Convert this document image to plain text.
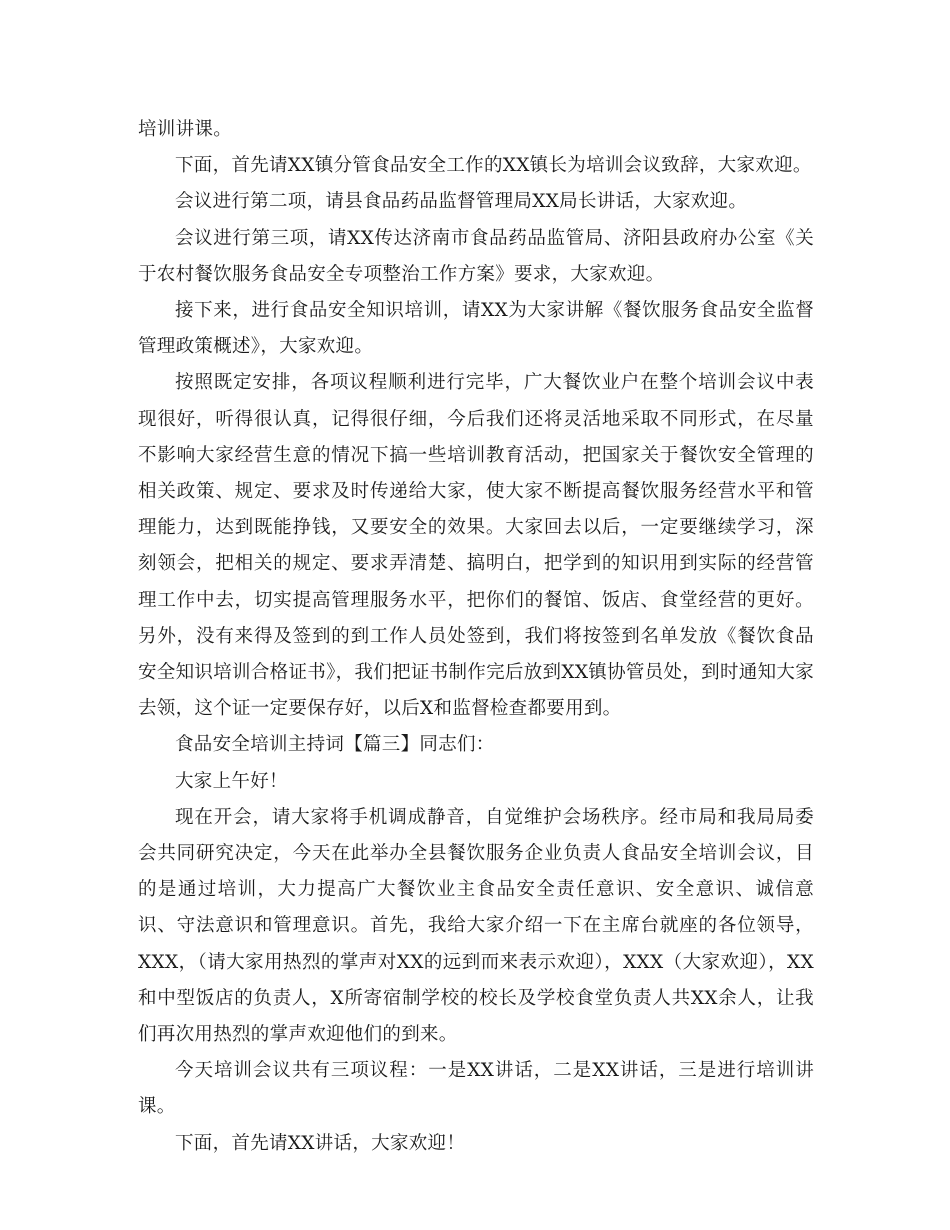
培训讲课。

下面，首先请XX镇分管食品安全工作的XX镇长为培训会议致辞，大家欢迎。

会议进行第二项，请县食品药品监督管理局XX局长讲话，大家欢迎。

会议进行第三项，请XX传达济南市食品药品监管局、济阳县政府办公室《关于农村餐饮服务食品安全专项整治工作方案》要求，大家欢迎。

接下来，进行食品安全知识培训，请XX为大家讲解《餐饮服务食品安全监督管理政策概述》，大家欢迎。

按照既定安排，各项议程顺利进行完毕，广大餐饮业户在整个培训会议中表现很好，听得很认真，记得很仔细，今后我们还将灵活地采取不同形式，在尽量不影响大家经营生意的情况下搞一些培训教育活动，把国家关于餐饮安全管理的相关政策、规定、要求及时传递给大家，使大家不断提高餐饮服务经营水平和管理能力，达到既能挣钱，又要安全的效果。大家回去以后，一定要继续学习，深刻领会，把相关的规定、要求弄清楚、搞明白，把学到的知识用到实际的经营管理工作中去，切实提高管理服务水平，把你们的餐馆、饭店、食堂经营的更好。另外，没有来得及签到的到工作人员处签到，我们将按签到名单发放《餐饮食品安全知识培训合格证书》，我们把证书制作完后放到XX镇协管员处，到时通知大家去领，这个证一定要保存好，以后X和监督检查都要用到。

食品安全培训主持词【篇三】同志们：

大家上午好！

现在开会，请大家将手机调成静音，自觉维护会场秩序。经市局和我局局委会共同研究决定，今天在此举办全县餐饮服务企业负责人食品安全培训会议，目的是通过培训，大力提高广大餐饮业主食品安全责任意识、安全意识、诚信意识、守法意识和管理意识。首先，我给大家介绍一下在主席台就座的各位领导，XXX，（请大家用热烈的掌声对XX的远到而来表示欢迎），XXX（大家欢迎），XX和中型饭店的负责人，X所寄宿制学校的校长及学校食堂负责人共XX余人，让我们再次用热烈的掌声欢迎他们的到来。

今天培训会议共有三项议程：一是XX讲话，二是XX讲话，三是进行培训讲课。

下面，首先请XX讲话，大家欢迎！
